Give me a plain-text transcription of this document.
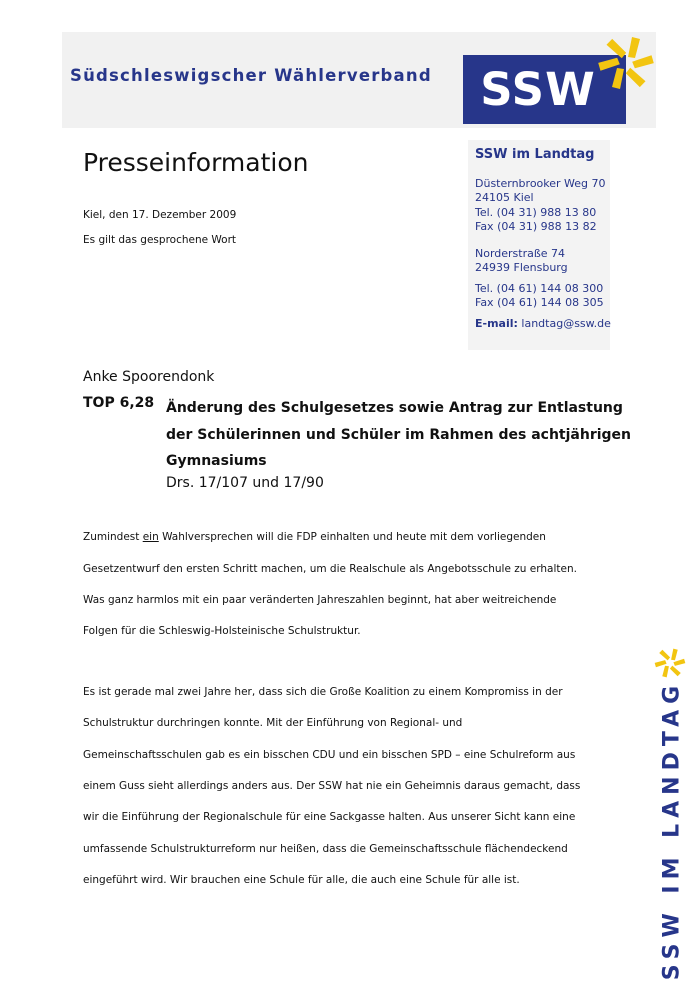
Südschleswigscher Wählerverband	SSW
SSW im Landtag
Düsternbrooker Weg 70
24105 Kiel
Tel. (04 31) 988 13 80
Fax (04 31) 988 13 82
Norderstraße 74
24939 Flensburg
Tel. (04 61) 144 08 300
Fax (04 61) 144 08 305
E-mail: landtag@ssw.de
Presseinformation
Kiel, den 17. Dezember 2009
Es gilt das gesprochene Wort
Anke Spoorendonk
TOP 6,28 Änderung des Schulgesetzes sowie Antrag zur Entlastung der Schülerinnen und Schüler im Rahmen des achtjährigen Gymnasiums
Drs. 17/107 und 17/90
Zumindest ein Wahlversprechen will die FDP einhalten und heute mit dem vorliegenden
Gesetzentwurf den ersten Schritt machen, um die Realschule als Angebotsschule zu erhalten.
Was ganz harmlos mit ein paar veränderten Jahreszahlen beginnt, hat aber weitreichende
Folgen für die Schleswig-Holsteinische Schulstruktur.
Es ist gerade mal zwei Jahre her, dass sich die Große Koalition zu einem Kompromiss in der
Schulstruktur durchringen konnte. Mit der Einführung von Regional- und
Gemeinschaftsschulen gab es ein bisschen CDU und ein bisschen SPD – eine Schulreform aus
einem Guss sieht allerdings anders aus. Der SSW hat nie ein Geheimnis daraus gemacht, dass
wir die Einführung der Regionalschule für eine Sackgasse halten. Aus unserer Sicht kann eine
umfassende Schulstrukturreform nur heißen, dass die Gemeinschaftsschule flächendeckend
eingeführt wird. Wir brauchen eine Schule für alle, die auch eine Schule für alle ist.	SSW IM LANDTAG
